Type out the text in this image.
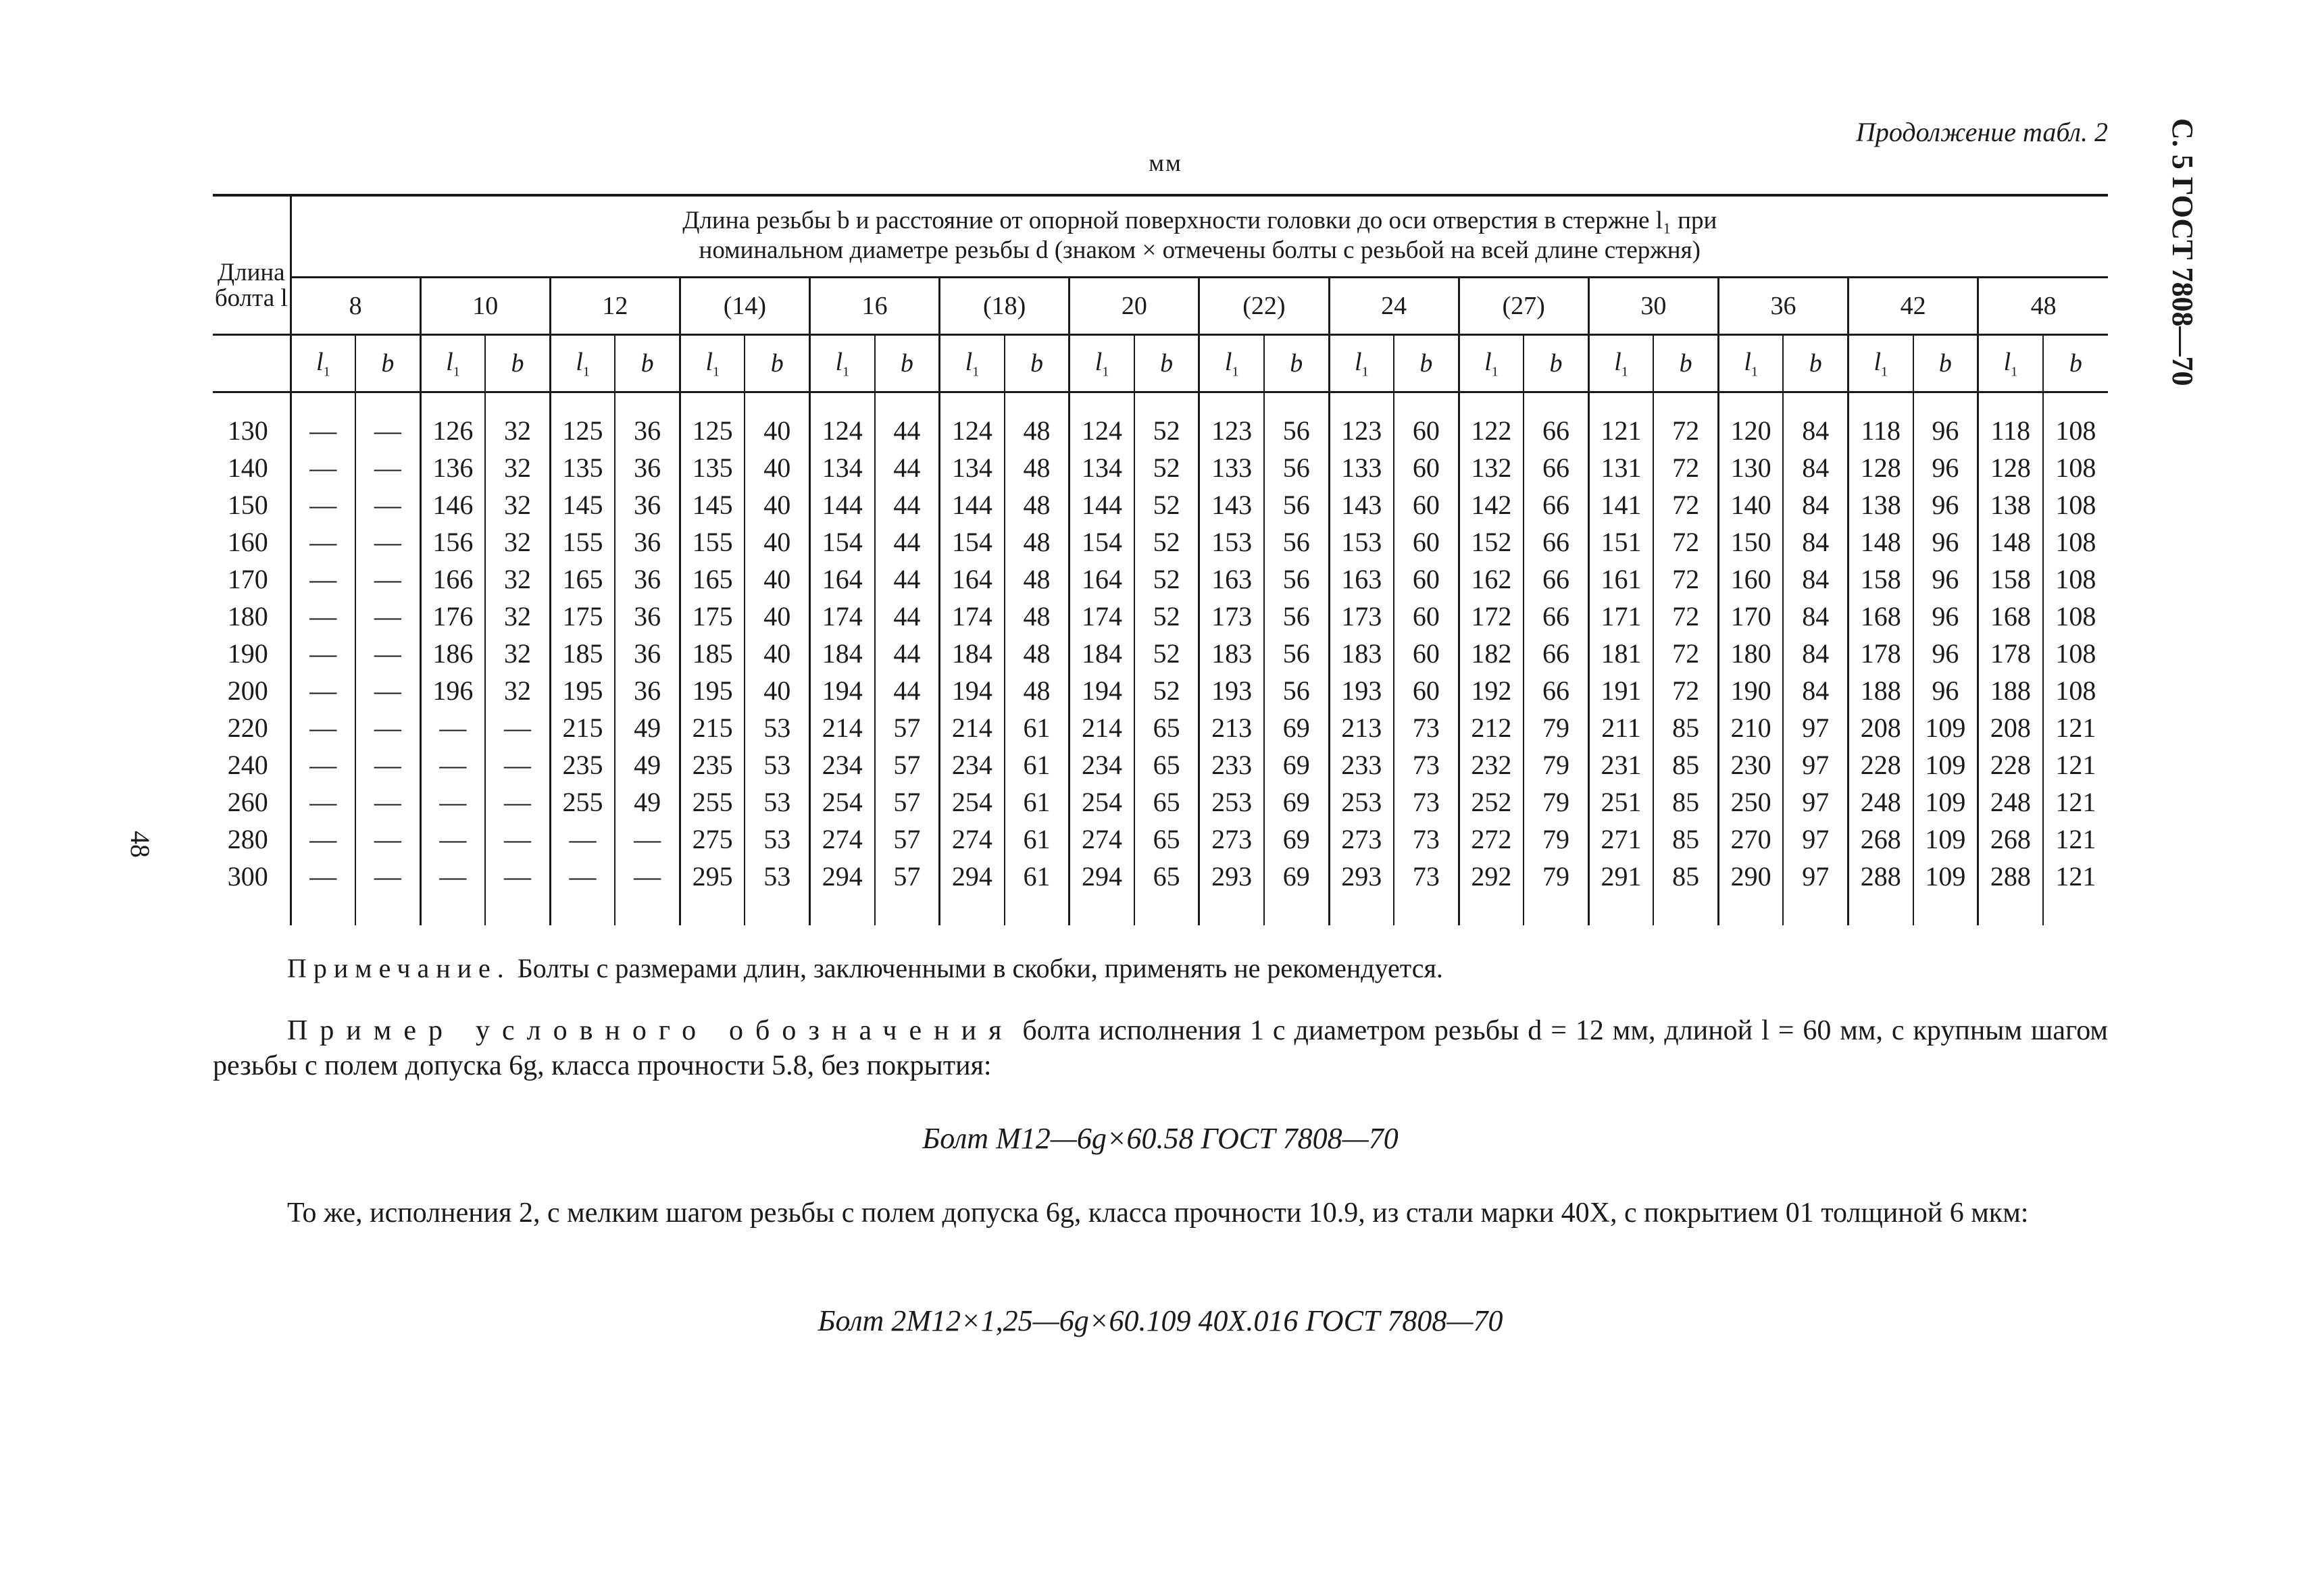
Продолжение табл. 2
мм	С. 5 ГОСТ 7808—70
48
Длина болта l	Длина резьбы b и расстояние от опорной поверхности головки до оси отверстия в стержне l₁ при
номинальном диаметре резьбы d (знаком × отмечены болты с резьбой на всей длине стержня)																											

	8		10		12		(14)		16		(18)		20		(22)		24		(27)		30		36		42		48	
	$l_1$	b	$l_1$	b	$l_1$	b	$l_1$	b	$l_1$	b	$l_1$	b	$l_1$	b	$l_1$	b	$l_1$	b	$l_1$	b	$l_1$	b	$l_1$	b	$l_1$	b	$l_1$	b

130	—	—	126	32	125	36	125	40	124	44	124	48	124	52	123	56	123	60	122	66	121	72	120	84	118	96	118	108
140	—	—	136	32	135	36	135	40	134	44	134	48	134	52	133	56	133	60	132	66	131	72	130	84	128	96	128	108
150	—	—	146	32	145	36	145	40	144	44	144	48	144	52	143	56	143	60	142	66	141	72	140	84	138	96	138	108
160	—	—	156	32	155	36	155	40	154	44	154	48	154	52	153	56	153	60	152	66	151	72	150	84	148	96	148	108
170	—	—	166	32	165	36	165	40	164	44	164	48	164	52	163	56	163	60	162	66	161	72	160	84	158	96	158	108
180	—	—	176	32	175	36	175	40	174	44	174	48	174	52	173	56	173	60	172	66	171	72	170	84	168	96	168	108
190	—	—	186	32	185	36	185	40	184	44	184	48	184	52	183	56	183	60	182	66	181	72	180	84	178	96	178	108
200	—	—	196	32	195	36	195	40	194	44	194	48	194	52	193	56	193	60	192	66	191	72	190	84	188	96	188	108
220	—	—	—	—	215	49	215	53	214	57	214	61	214	65	213	69	213	73	212	79	211	85	210	97	208	109	208	121
240	—	—	—	—	235	49	235	53	234	57	234	61	234	65	233	69	233	73	232	79	231	85	230	97	228	109	228	121
260	—	—	—	—	255	49	255	53	254	57	254	61	254	65	253	69	253	73	252	79	251	85	250	97	248	109	248	121
280	—	—	—	—	—	—	275	53	274	57	274	61	274	65	273	69	273	73	272	79	271	85	270	97	268	109	268	121
300	—	—	—	—	—	—	295	53	294	57	294	61	294	65	293	69	293	73	292	79	291	85	290	97	288	109	288	121

Примечание. Болты с размерами длин, заключенными в скобки, применять не рекомендуется.
Пример условного обозначения болта исполнения 1 с диаметром резьбы d = 12 мм, длиной l = 60 мм, с крупным шагом резьбы с полем допуска 6g, класса прочности 5.8, без покрытия:
Болт М12—6g×60.58 ГОСТ 7808—70
То же, исполнения 2, с мелким шагом резьбы с полем допуска 6g, класса прочности 10.9, из стали марки 40Х, с покрытием 01 толщиной 6 мкм:
Болт 2М12×1,25—6g×60.109 40Х.016 ГОСТ 7808—70
